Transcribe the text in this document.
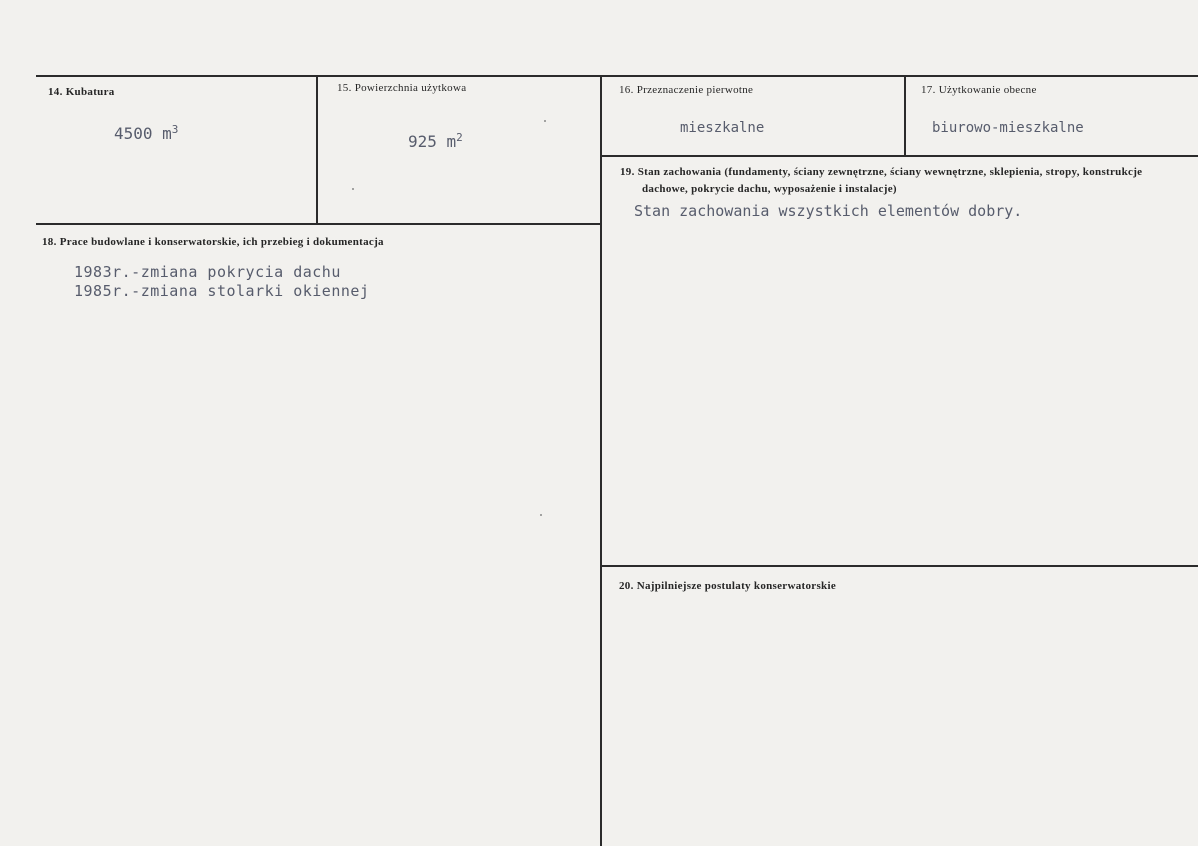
14. Kubatura
4500 $m^3$
15. Powierzchnia użytkowa
925 $m^2$
16. Przeznaczenie pierwotne
mieszkalne
17. Użytkowanie obecne
biurowo-mieszkalne
18. Prace budowlane i konserwatorskie, ich przebieg i dokumentacja
1983r.-zmiana pokrycia dachu
1985r.-zmiana stolarki okiennej
19. Stan zachowania (fundamenty, ściany zewnętrzne, ściany wewnętrzne, sklepienia, stropy, konstrukcje dachowe, pokrycie dachu, wyposażenie i instalacje)
Stan zachowania wszystkich elementów dobry.
20. Najpilniejsze postulaty konserwatorskie
